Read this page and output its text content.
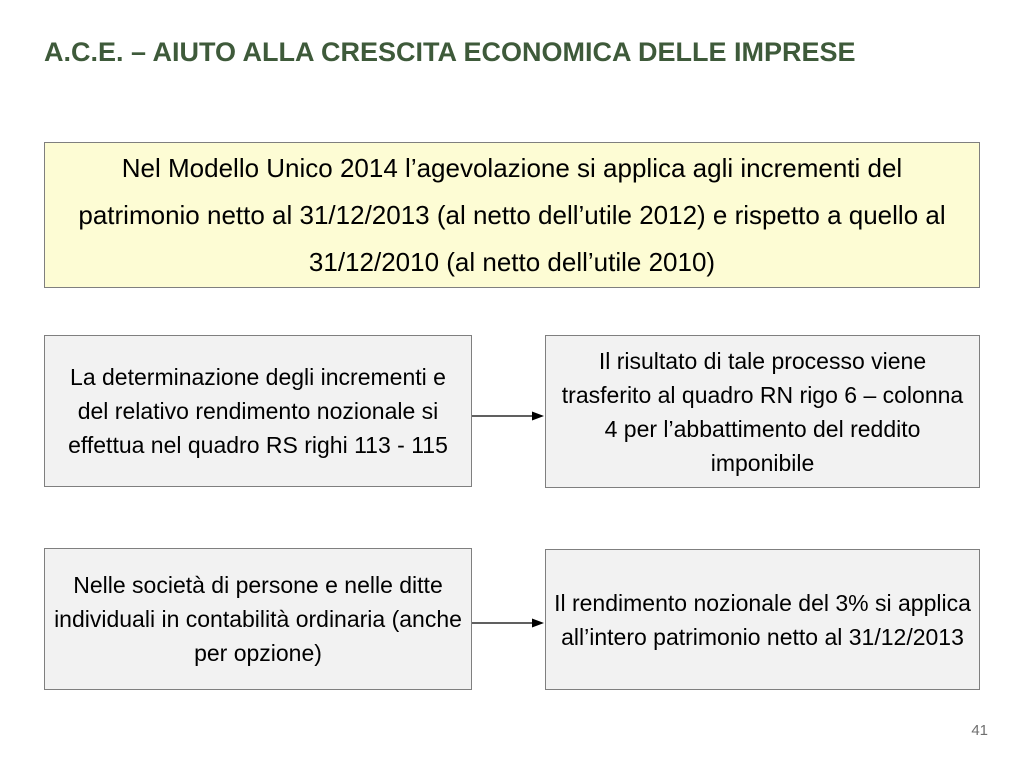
A.C.E. – AIUTO ALLA CRESCITA ECONOMICA DELLE IMPRESE
Nel Modello Unico 2014 l’agevolazione si applica agli incrementi del patrimonio netto al 31/12/2013 (al netto dell’utile 2012) e rispetto a quello al 31/12/2010 (al netto dell’utile 2010)
La determinazione degli incrementi e del relativo rendimento nozionale si effettua nel quadro RS righi 113 - 115
Il risultato di tale processo viene trasferito al quadro RN rigo 6 – colonna 4 per l’abbattimento del reddito imponibile
Nelle società di persone e nelle ditte individuali in contabilità ordinaria (anche per opzione)
Il rendimento nozionale del 3% si applica all’intero patrimonio netto al 31/12/2013
41
